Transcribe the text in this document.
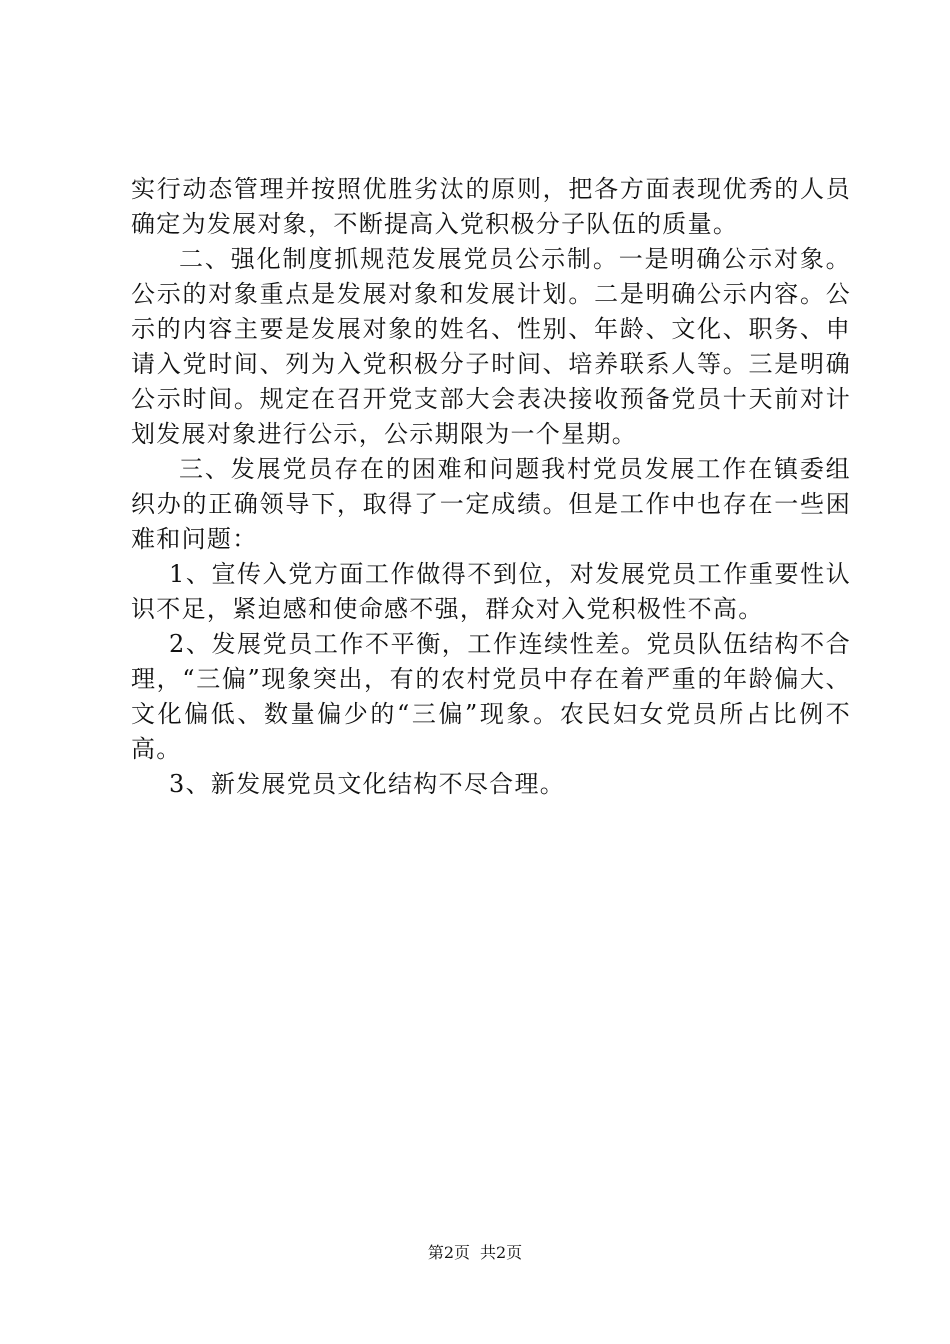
实行动态管理并按照优胜劣汰的原则，把各方面表现优秀的人员确定为发展对象，不断提高入党积极分子队伍的质量。

二、强化制度抓规范发展党员公示制。一是明确公示对象。公示的对象重点是发展对象和发展计划。二是明确公示内容。公示的内容主要是发展对象的姓名、性别、年龄、文化、职务、申请入党时间、列为入党积极分子时间、培养联系人等。三是明确公示时间。规定在召开党支部大会表决接收预备党员十天前对计划发展对象进行公示，公示期限为一个星期。

三、发展党员存在的困难和问题我村党员发展工作在镇委组织办的正确领导下，取得了一定成绩。但是工作中也存在一些困难和问题：

1、宣传入党方面工作做得不到位，对发展党员工作重要性认识不足，紧迫感和使命感不强，群众对入党积极性不高。

2、发展党员工作不平衡，工作连续性差。党员队伍结构不合理，“三偏”现象突出，有的农村党员中存在着严重的年龄偏大、文化偏低、数量偏少的“三偏”现象。农民妇女党员所占比例不高。

3、新发展党员文化结构不尽合理。

第2页 共2页
